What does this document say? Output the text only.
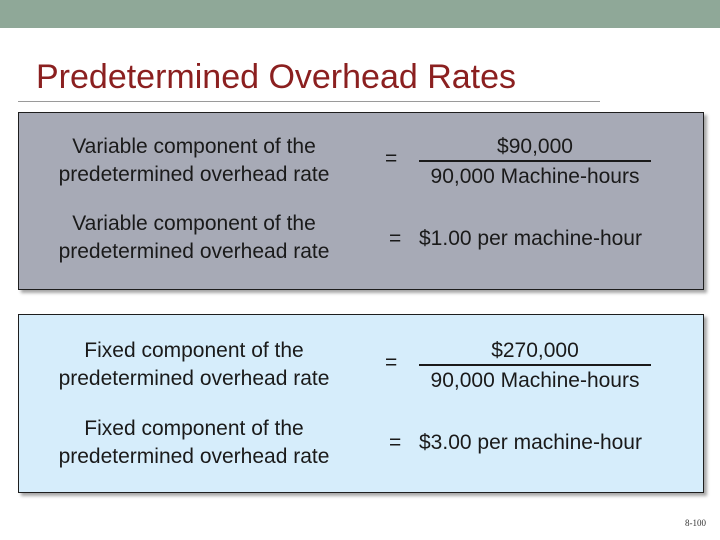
Predetermined Overhead Rates
Variable component of the
predetermined overhead rate
=
$90,000
90,000 Machine-hours
Variable component of the
predetermined overhead rate
= $1.00 per machine-hour
Fixed component of the
predetermined overhead rate
=
$270,000
90,000 Machine-hours
Fixed component of the
predetermined overhead rate
= $3.00 per machine-hour
8-100
